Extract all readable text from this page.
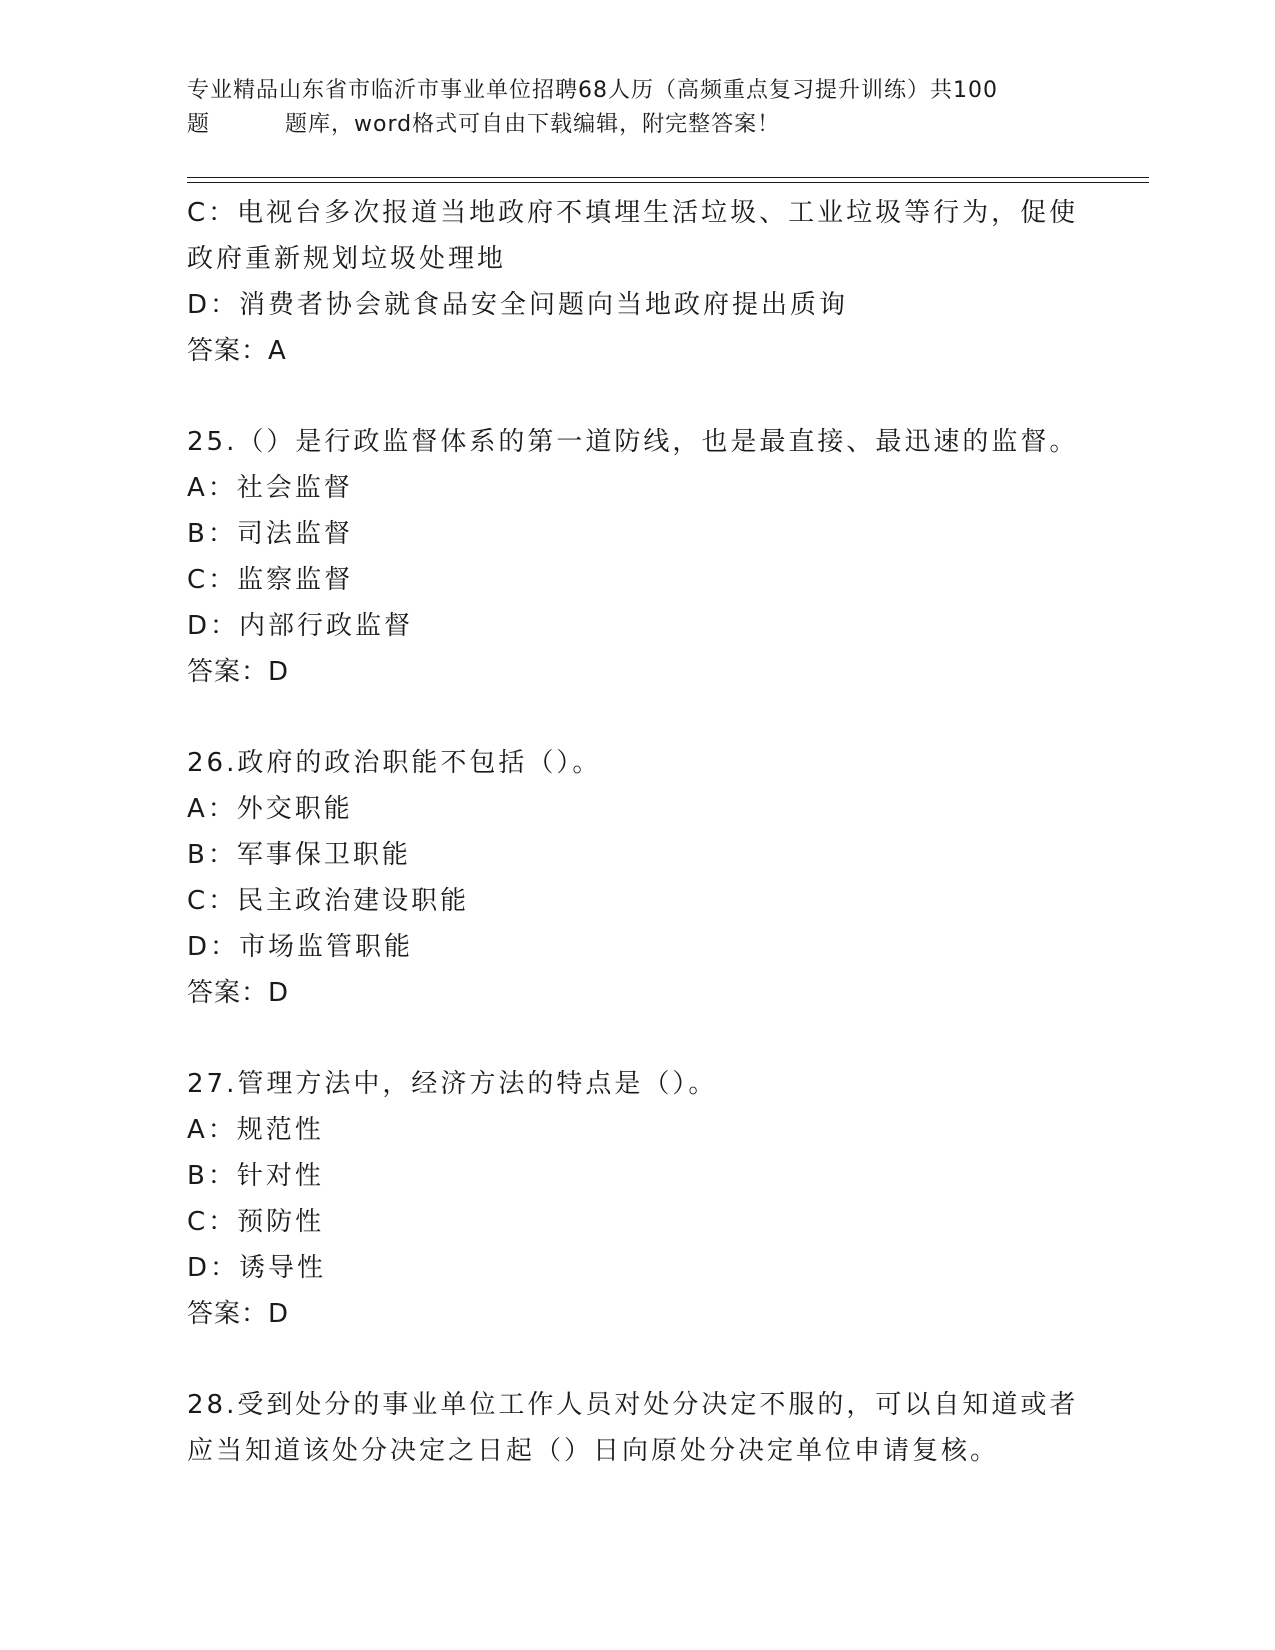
专业精品山东省市临沂市事业单位招聘68人历（高频重点复习提升训练）共100
题	题库，word格式可自由下载编辑，附完整答案！
C：电视台多次报道当地政府不填埋生活垃圾、工业垃圾等行为，促使
政府重新规划垃圾处理地
D：消费者协会就食品安全问题向当地政府提出质询
答案：A
25.（）是行政监督体系的第一道防线，也是最直接、最迅速的监督。
A：社会监督
B：司法监督
C：监察监督
D：内部行政监督
答案：D
26.政府的政治职能不包括（）。
A：外交职能
B：军事保卫职能
C：民主政治建设职能
D：市场监管职能
答案：D
27.管理方法中，经济方法的特点是（）。
A：规范性
B：针对性
C：预防性
D：诱导性
答案：D
28.受到处分的事业单位工作人员对处分决定不服的，可以自知道或者
应当知道该处分决定之日起（）日向原处分决定单位申请复核。
